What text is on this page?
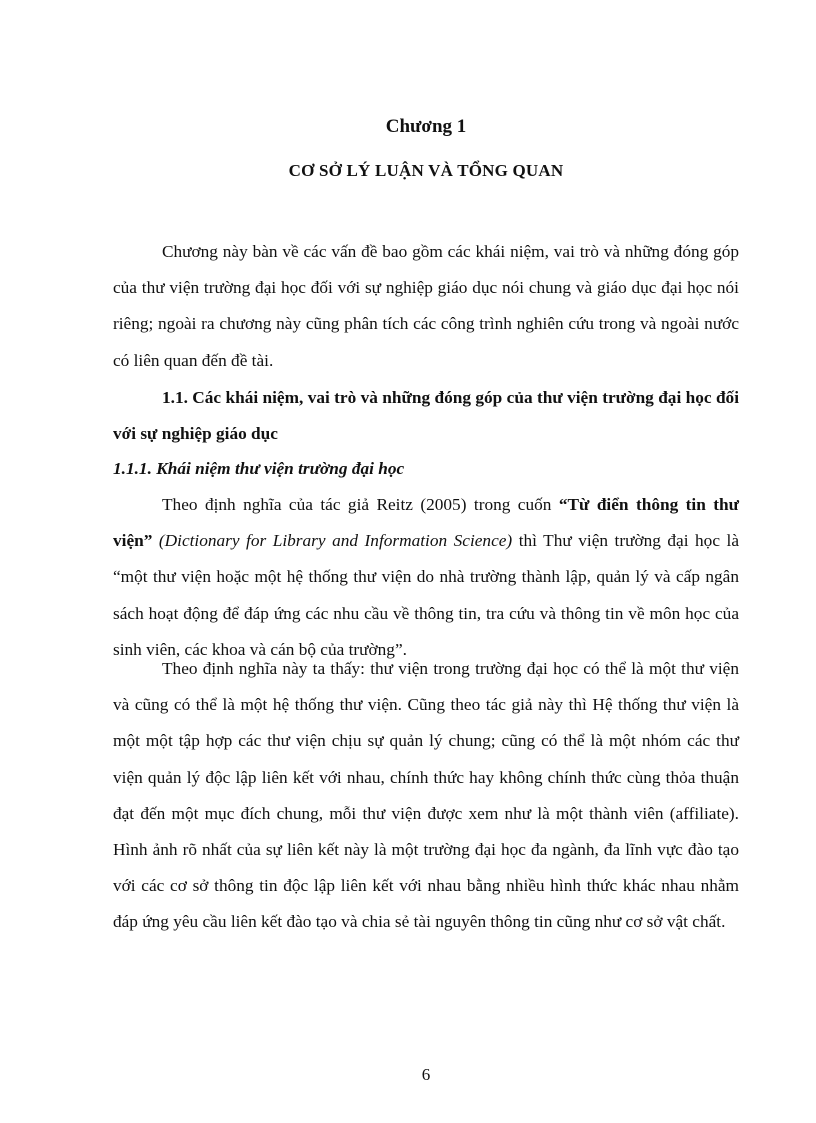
Chương 1
CƠ SỞ LÝ LUẬN VÀ TỔNG QUAN

Chương này bàn về các vấn đề bao gồm các khái niệm, vai trò và những đóng góp của thư viện trường đại học đối với sự nghiệp giáo dục nói chung và giáo dục đại học nói riêng; ngoài ra chương này cũng phân tích các công trình nghiên cứu trong và ngoài nước có liên quan đến đề tài.

1.1. Các khái niệm, vai trò và những đóng góp của thư viện trường đại học đối với sự nghiệp giáo dục

1.1.1. Khái niệm thư viện trường đại học

Theo định nghĩa của tác giả Reitz (2005) trong cuốn “Từ điển thông tin thư viện” (Dictionary for Library and Information Science) thì Thư viện trường đại học là “một thư viện hoặc một hệ thống thư viện do nhà trường thành lập, quản lý và cấp ngân sách hoạt động để đáp ứng các nhu cầu về thông tin, tra cứu và thông tin về môn học của sinh viên, các khoa và cán bộ của trường”.

Theo định nghĩa này ta thấy: thư viện trong trường đại học có thể là một thư viện và cũng có thể là một hệ thống thư viện. Cũng theo tác giả này thì Hệ thống thư viện là một một tập hợp các thư viện chịu sự quản lý chung; cũng có thể là một nhóm các thư viện quản lý độc lập liên kết với nhau, chính thức hay không chính thức cùng thỏa thuận đạt đến một mục đích chung, mỗi thư viện được xem như là một thành viên (affiliate). Hình ảnh rõ nhất của sự liên kết này là một trường đại học đa ngành, đa lĩnh vực đào tạo với các cơ sở thông tin độc lập liên kết với nhau bằng nhiều hình thức khác nhau nhằm đáp ứng yêu cầu liên kết đào tạo và chia sẻ tài nguyên thông tin cũng như cơ sở vật chất.

6
